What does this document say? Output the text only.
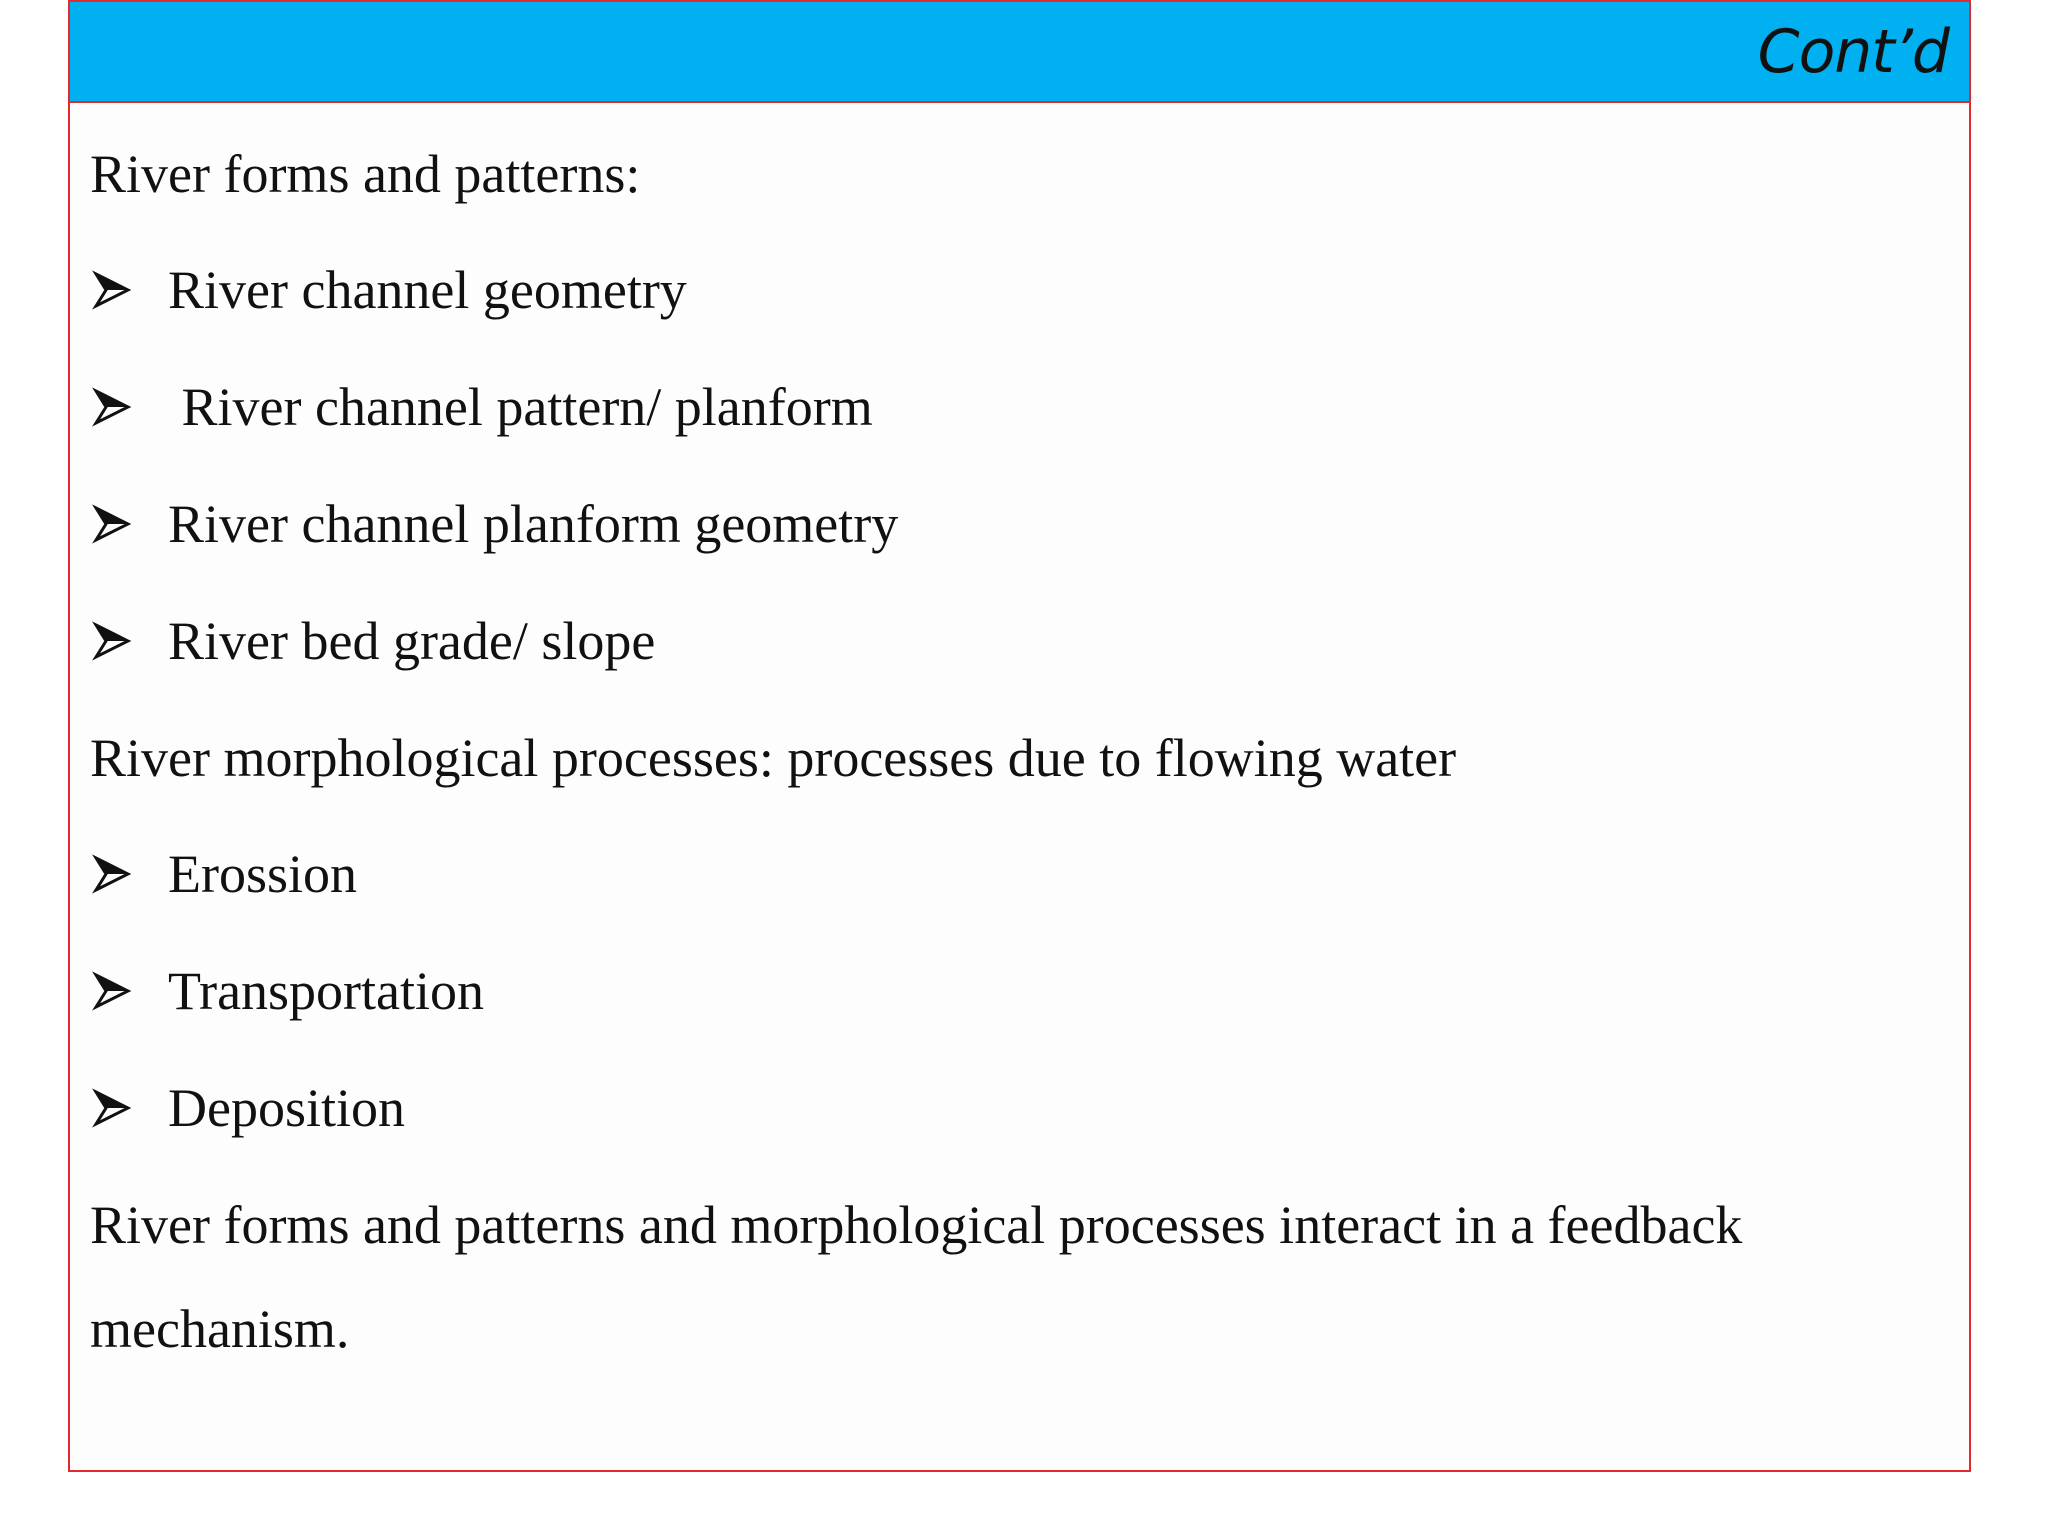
Cont’d
River forms and patterns:
River channel geometry
River channel pattern/ planform
River channel planform geometry
River bed grade/ slope
River morphological processes: processes due to flowing water
Erossion
Transportation
Deposition
River forms and patterns and morphological processes interact in a feedback
mechanism.
